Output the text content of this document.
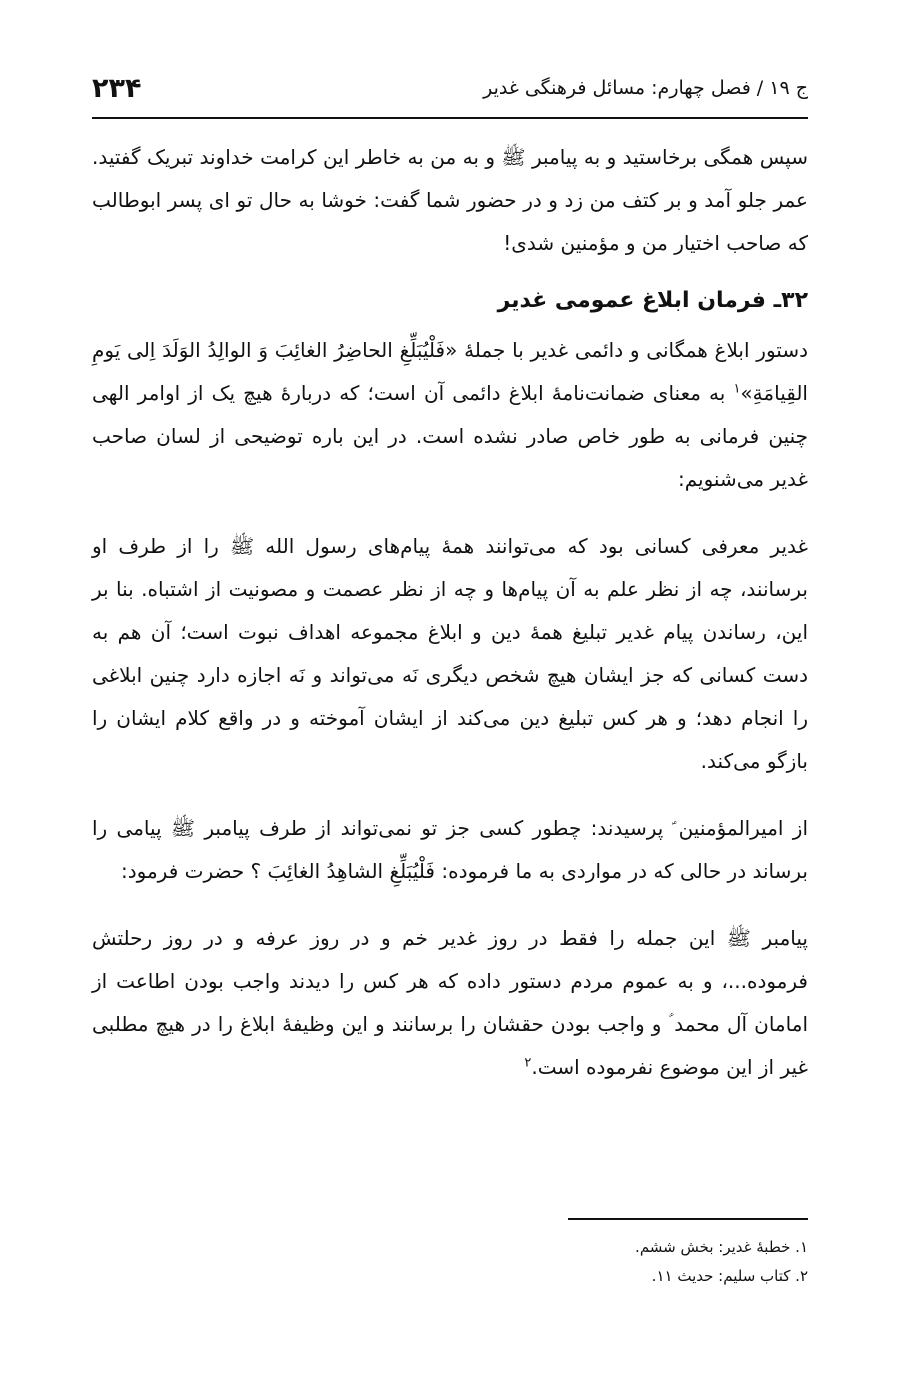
ج ۱۹ / فصل چهارم: مسائل فرهنگی غدیر
۲۳۴

سپس همگی برخاستید و به پیامبر ﷺ و به من به خاطر این کرامت خداوند تبریک گفتید. عمر جلو آمد و بر کتف من زد و در حضور شما گفت: خوشا به حال تو ای پسر ابوطالب که صاحب اختیار من و مؤمنین شدی!

۳۲ـ فرمان ابلاغ عمومی غدیر

دستور ابلاغ همگانی و دائمی غدیر با جملهٔ «فَلْيُبَلِّغِ الحاضِرُ الغائِبَ وَ الوالِدُ الوَلَدَ اِلى يَومِ القِيامَةِ»$^۱$ به معنای ضمانت‌نامهٔ ابلاغ دائمی آن است؛ که دربارهٔ هیچ یک از اوامر الهی چنین فرمانی به طور خاص صادر نشده است. در این باره توضیحی از لسان صاحب غدیر می‌شنویم:

غدیر معرفی کسانی بود که می‌توانند همهٔ پیام‌های رسول الله ﷺ را از طرف او برسانند، چه از نظر علم به آن پیام‌ها و چه از نظر عصمت و مصونیت از اشتباه. بنا بر این، رساندن پیام غدیر تبلیغ همهٔ دین و ابلاغ مجموعه اهداف نبوت است؛ آن هم به دست کسانی که جز ایشان هیچ شخص دیگری نَه می‌تواند و نَه اجازه دارد چنین ابلاغی را انجام دهد؛ و هر کس تبلیغ دین می‌کند از ایشان آموخته و در واقع کلام ایشان را بازگو می‌کند.

از امیرالمؤمنین ؑ پرسیدند: چطور کسی جز تو نمی‌تواند از طرف پیامبر ﷺ پیامی را برساند در حالی که در مواردی به ما فرموده: فَلْيُبَلِّغِ الشاهِدُ الغائِبَ ؟ حضرت فرمود:

پیامبر ﷺ این جمله را فقط در روز غدیر خم و در روز عرفه و در روز رحلتش فرموده...، و به عموم مردم دستور داده که هر کس را دیدند واجب بودن اطاعت از امامان آل محمد ؑ و واجب بودن حقشان را برسانند و این وظیفهٔ ابلاغ را در هیچ مطلبی غیر از این موضوع نفرموده است.$^۲$

۱. خطبهٔ غدیر: بخش ششم.
۲. کتاب سلیم: حدیث ۱۱.
